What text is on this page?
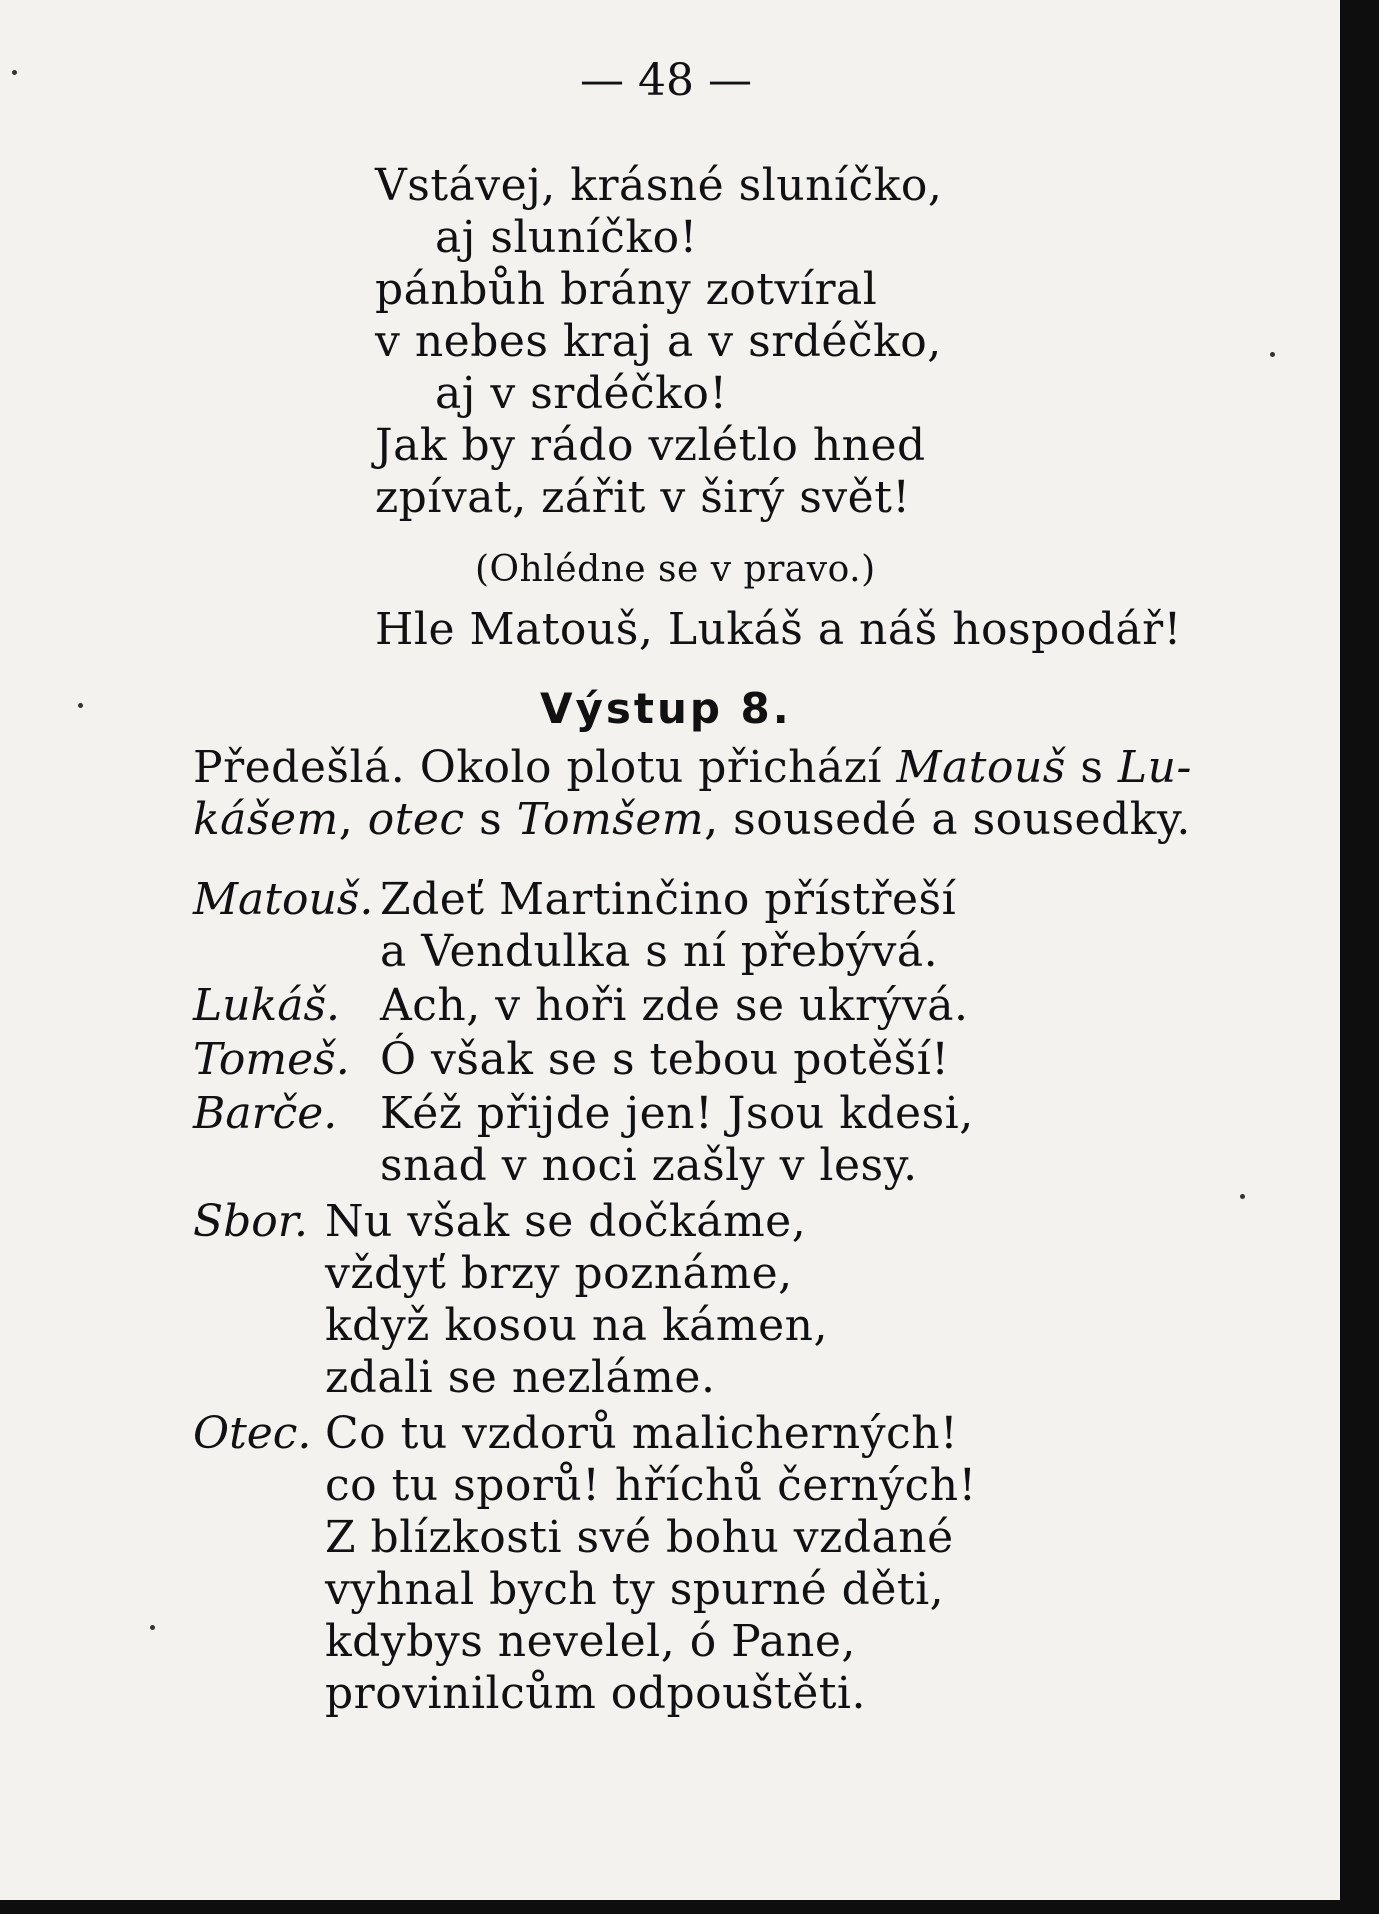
— 48 —
Vstávej, krásné sluníčko,
aj sluníčko!
pánbůh brány zotvíral
v nebes kraj a v srdéčko,
aj v srdéčko!
Jak by rádo vzlétlo hned
zpívat, zářit v širý svět!
(Ohlédne se v pravo.)
Hle Matouš, Lukáš a náš hospodář!
Výstup 8.
Předešlá. Okolo plotu přichází Matouš s Lu-
kášem, otec s Tomšem, sousedé a sousedky.
Matouš. Zdeť Martinčino přístřeší
a Vendulka s ní přebývá.
Lukáš. Ach, v hoři zde se ukrývá.
Tomeš. Ó však se s tebou potěší!
Barče. Kéž přijde jen! Jsou kdesi,
snad v noci zašly v lesy.
Sbor. Nu však se dočkáme,
vždyť brzy poznáme,
když kosou na kámen,
zdali se nezláme.
Otec. Co tu vzdorů malicherných!
co tu sporů! hříchů černých!
Z blízkosti své bohu vzdané
vyhnal bych ty spurné děti,
kdybys nevelel, ó Pane,
provinilcům odpouštěti.
